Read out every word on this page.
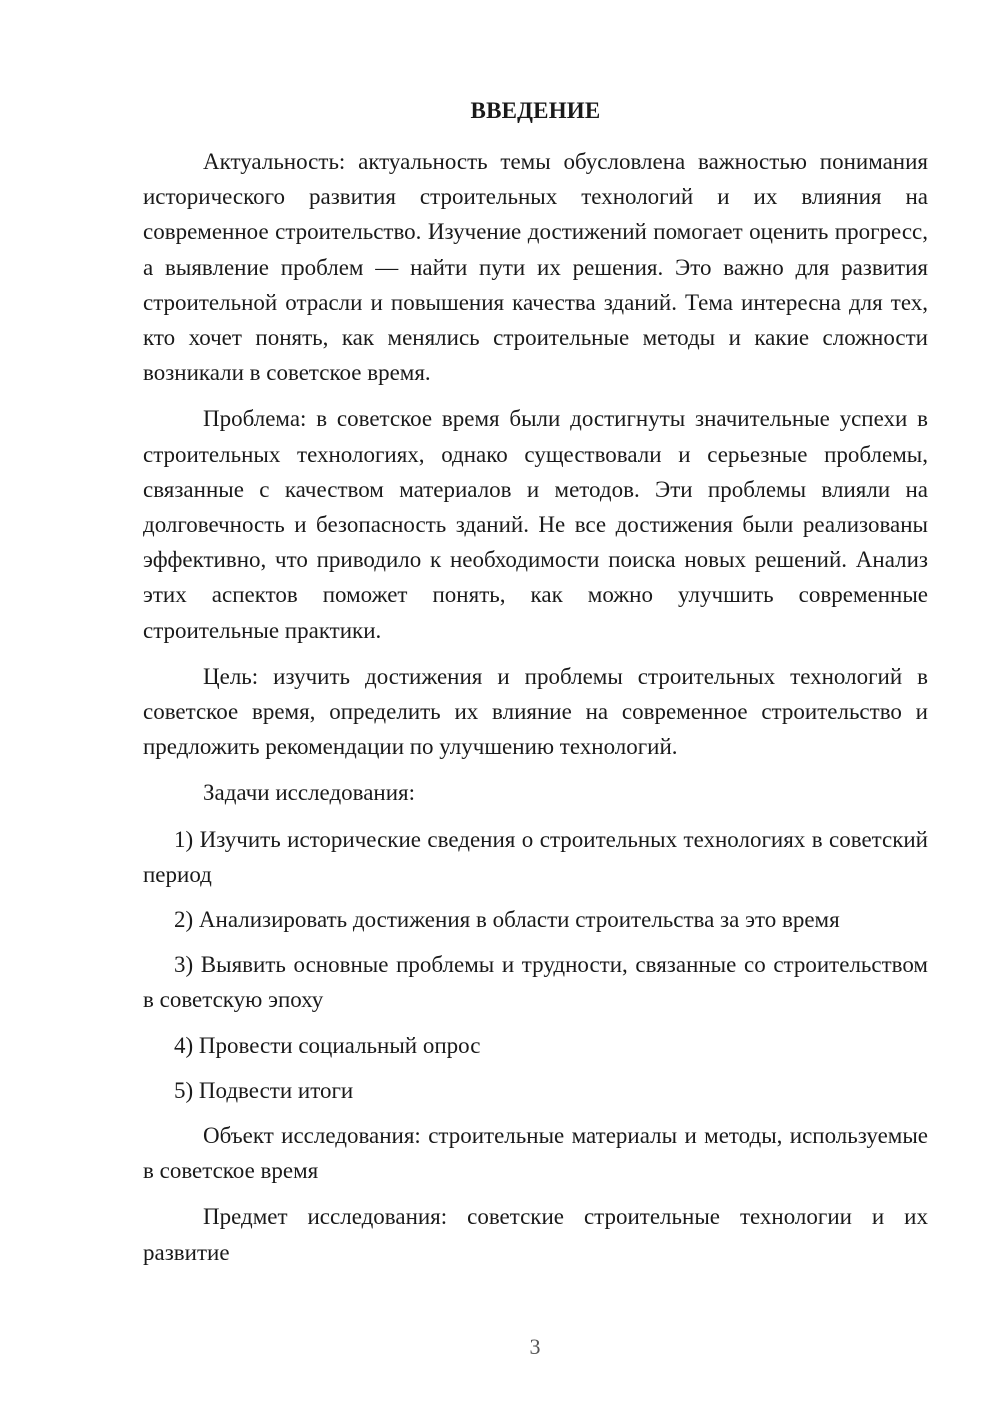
ВВЕДЕНИЕ

Актуальность: актуальность темы обусловлена важностью понимания исторического развития строительных технологий и их влияния на современное строительство. Изучение достижений помогает оценить прогресс, а выявление проблем — найти пути их решения. Это важно для развития строительной отрасли и повышения качества зданий. Тема интересна для тех, кто хочет понять, как менялись строительные методы и какие сложности возникали в советское время.

Проблема: в советское время были достигнуты значительные успехи в строительных технологиях, однако существовали и серьезные проблемы, связанные с качеством материалов и методов. Эти проблемы влияли на долговечность и безопасность зданий. Не все достижения были реализованы эффективно, что приводило к необходимости поиска новых решений. Анализ этих аспектов поможет понять, как можно улучшить современные строительные практики.

Цель: изучить достижения и проблемы строительных технологий в советское время, определить их влияние на современное строительство и предложить рекомендации по улучшению технологий.

Задачи исследования:

1) Изучить исторические сведения о строительных технологиях в советский период

2) Анализировать достижения в области строительства за это время

3) Выявить основные проблемы и трудности, связанные со строительством в советскую эпоху

4) Провести социальный опрос

5) Подвести итоги

Объект исследования: строительные материалы и методы, используемые в советское время

Предмет исследования: советские строительные технологии и их развитие

3
